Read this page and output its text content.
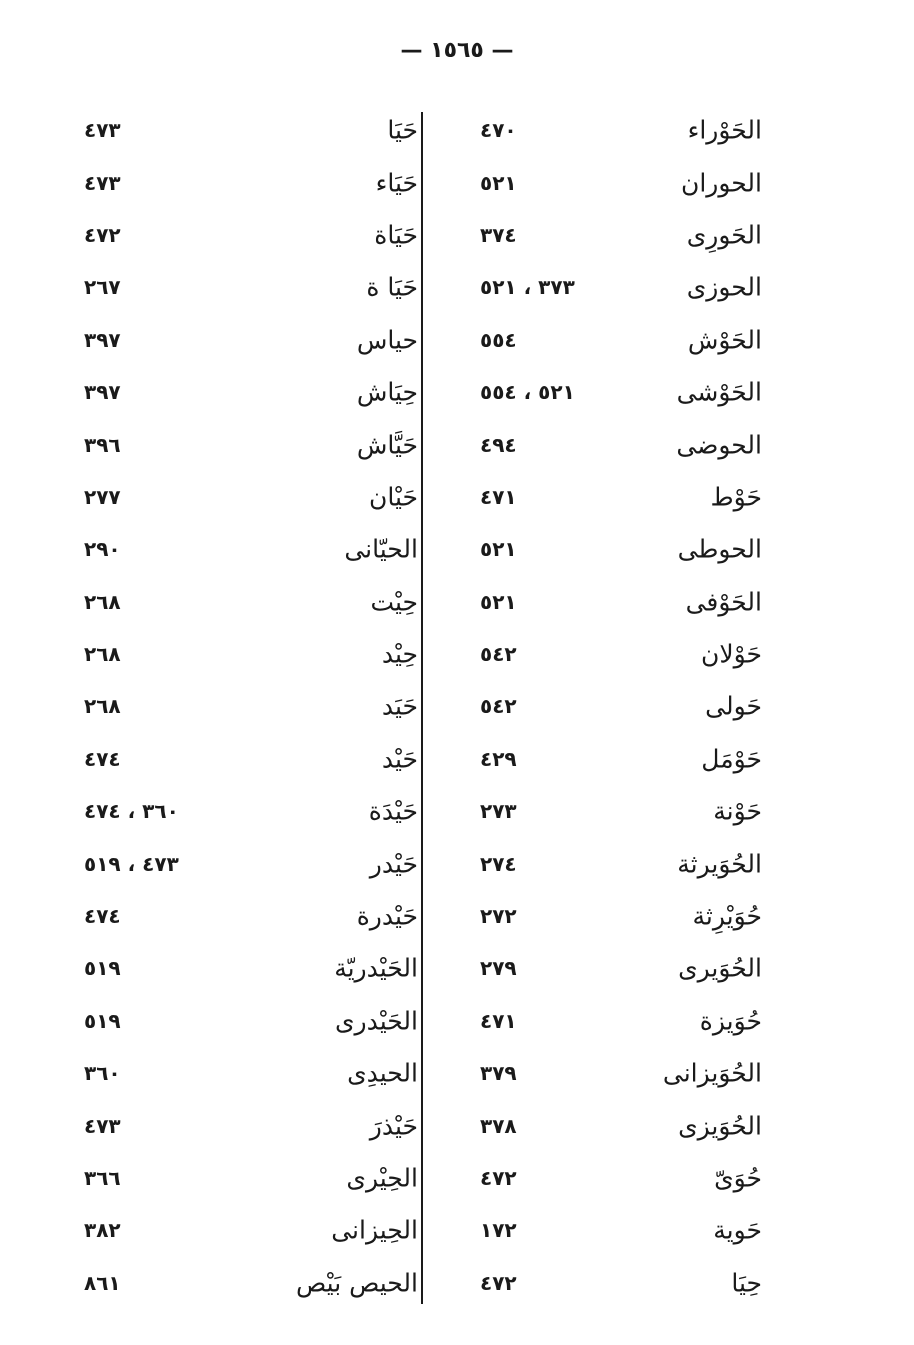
— ١٥٦٥ —
الحَوْراء
٤٧٠
الحوران
٥٢١
الحَورِى
٣٧٤
الحوزى
٣٧٣ ، ٥٢١
الحَوْش
٥٥٤
الحَوْشى
٥٢١ ، ٥٥٤
الحوضى
٤٩٤
حَوْط
٤٧١
الحوطى
٥٢١
الحَوْفى
٥٢١
حَوْلان
٥٤٢
حَولى
٥٤٢
حَوْمَل
٤٢٩
حَوْنة
٢٧٣
الحُوَيرثة
٢٧٤
حُوَيْرِثة
٢٧٢
الحُوَيرى
٢٧٩
حُوَيزة
٤٧١
الحُوَيزانى
٣٧٩
الحُوَيزى
٣٧٨
حُوَىّ
٤٧٢
حَوية
١٧٢
حِيَا
٤٧٢
حَيَا
٤٧٣
حَيَاء
٤٧٣
حَيَاة
٤٧٢
حَيَا ة
٢٦٧
حياس
٣٩٧
حِيَاش
٣٩٧
حَيَّاش
٣٩٦
حَيْان
٢٧٧
الحيّانى
٢٩٠
حِيْت
٢٦٨
حِيْد
٢٦٨
حَيَد
٢٦٨
حَيْد
٤٧٤
حَيْدَة
٣٦٠ ، ٤٧٤
حَيْدر
٤٧٣ ، ٥١٩
حَيْدرة
٤٧٤
الحَيْدريّة
٥١٩
الحَيْدرى
٥١٩
الحيدِى
٣٦٠
حَيْذرَ
٤٧٣
الحِيْرى
٣٦٦
الحِيزانى
٣٨٢
الحيص بَيْص
٨٦١
